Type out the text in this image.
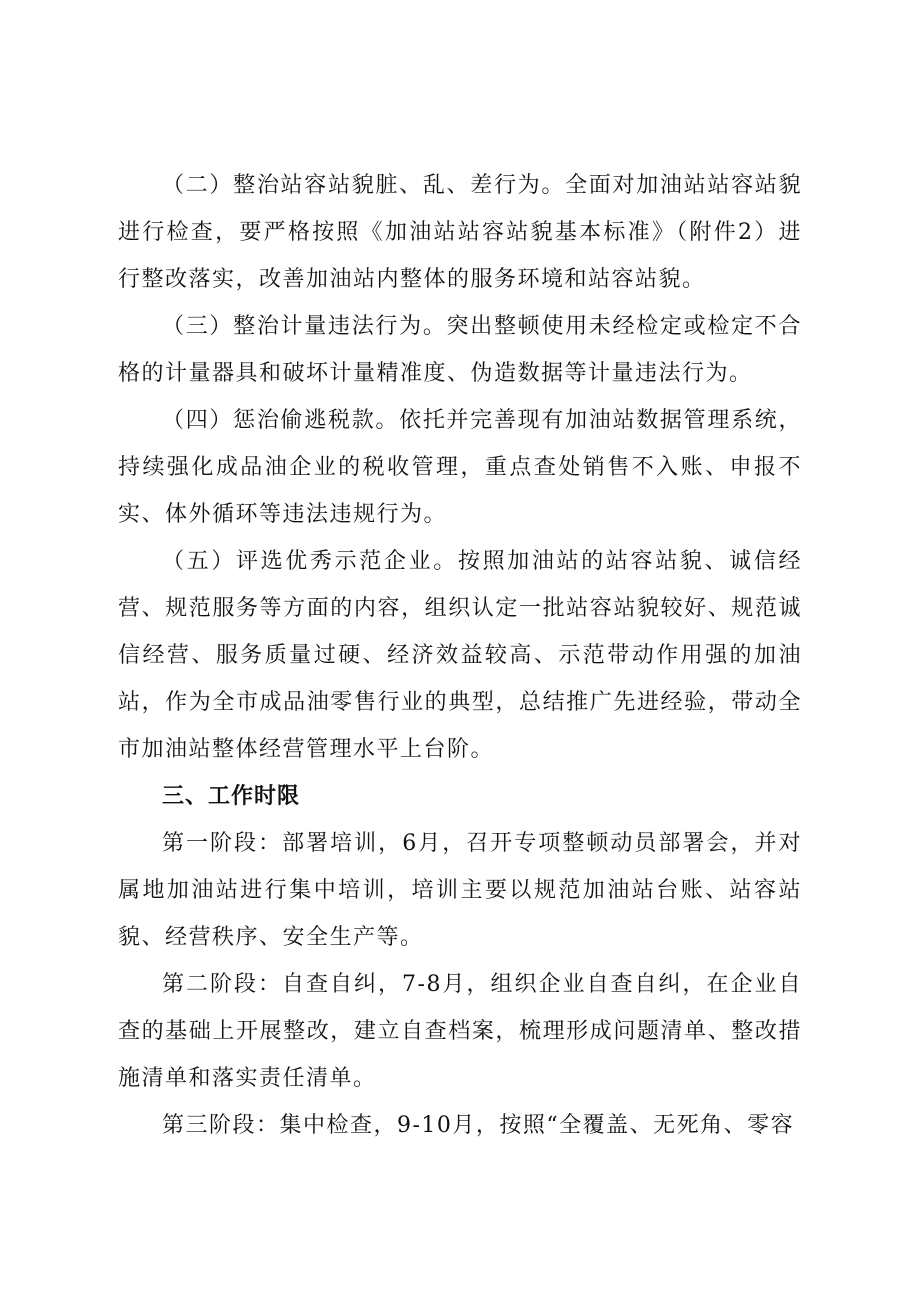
（二）整治站容站貌脏、乱、差行为。全面对加油站站容站貌进行检查，要严格按照《加油站站容站貌基本标准》（附件2）进行整改落实，改善加油站内整体的服务环境和站容站貌。

（三）整治计量违法行为。突出整顿使用未经检定或检定不合格的计量器具和破坏计量精准度、伪造数据等计量违法行为。

（四）惩治偷逃税款。依托并完善现有加油站数据管理系统，持续强化成品油企业的税收管理，重点查处销售不入账、申报不实、体外循环等违法违规行为。

（五）评选优秀示范企业。按照加油站的站容站貌、诚信经营、规范服务等方面的内容，组织认定一批站容站貌较好、规范诚信经营、服务质量过硬、经济效益较高、示范带动作用强的加油站，作为全市成品油零售行业的典型，总结推广先进经验，带动全市加油站整体经营管理水平上台阶。

三、工作时限

第一阶段：部署培训，6月，召开专项整顿动员部署会，并对属地加油站进行集中培训，培训主要以规范加油站台账、站容站貌、经营秩序、安全生产等。

第二阶段：自查自纠，7-8月，组织企业自查自纠，在企业自查的基础上开展整改，建立自查档案，梳理形成问题清单、整改措施清单和落实责任清单。

第三阶段：集中检查，9-10月，按照“全覆盖、无死角、零容
